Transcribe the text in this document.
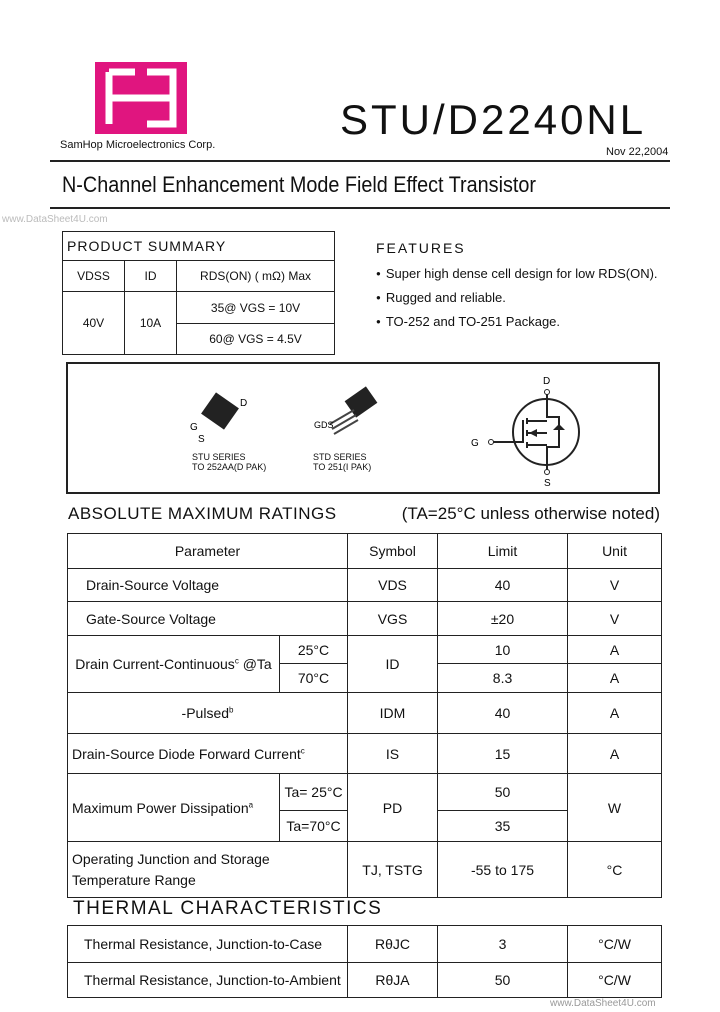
SamHop Microelectronics Corp.
STU/D2240NL
Nov 22,2004
N-Channel Enhancement Mode Field Effect Transistor
PRODUCT SUMMARY		
VDSS	ID	RDS(ON) ( mΩ) Max
40V	10A	35@ VGS = 10V
		60@ VGS = 4.5V
www.DataSheet4U.com
FEATURES
● Super high dense cell design for low RDS(ON).
● Rugged and reliable.
● TO-252 and TO-251 Package.
D
G
S
STU SERIES
TO 252AA(D PAK)
GDS
STD SERIES
TO 251(I PAK)
D
G
S
ABSOLUTE MAXIMUM RATINGS	(TA=25°C unless otherwise noted)
Parameter		Symbol	Limit	Unit
Drain-Source Voltage		VDS	40	V
Gate-Source Voltage		VGS	±20	V
Drain Current-Continuous$^c$ @Ta	25°C	ID	10	A
	70°C		8.3	A
-Pulsed$^b$		IDM	40	A
Drain-Source Diode Forward Current$^c$		IS	15	A
Maximum Power Dissipation$^a$	Ta= 25°C	PD	50	W
	Ta=70°C		35	

Operating Junction and Storage
Temperature Range		TJ, TSTG	-55 to 175	°C
THERMAL CHARACTERISTICS
Thermal Resistance, Junction-to-Case	RθJC	3	°C/W
Thermal Resistance, Junction-to-Ambient	RθJA	50	°C/W
www.DataSheet4U.com
